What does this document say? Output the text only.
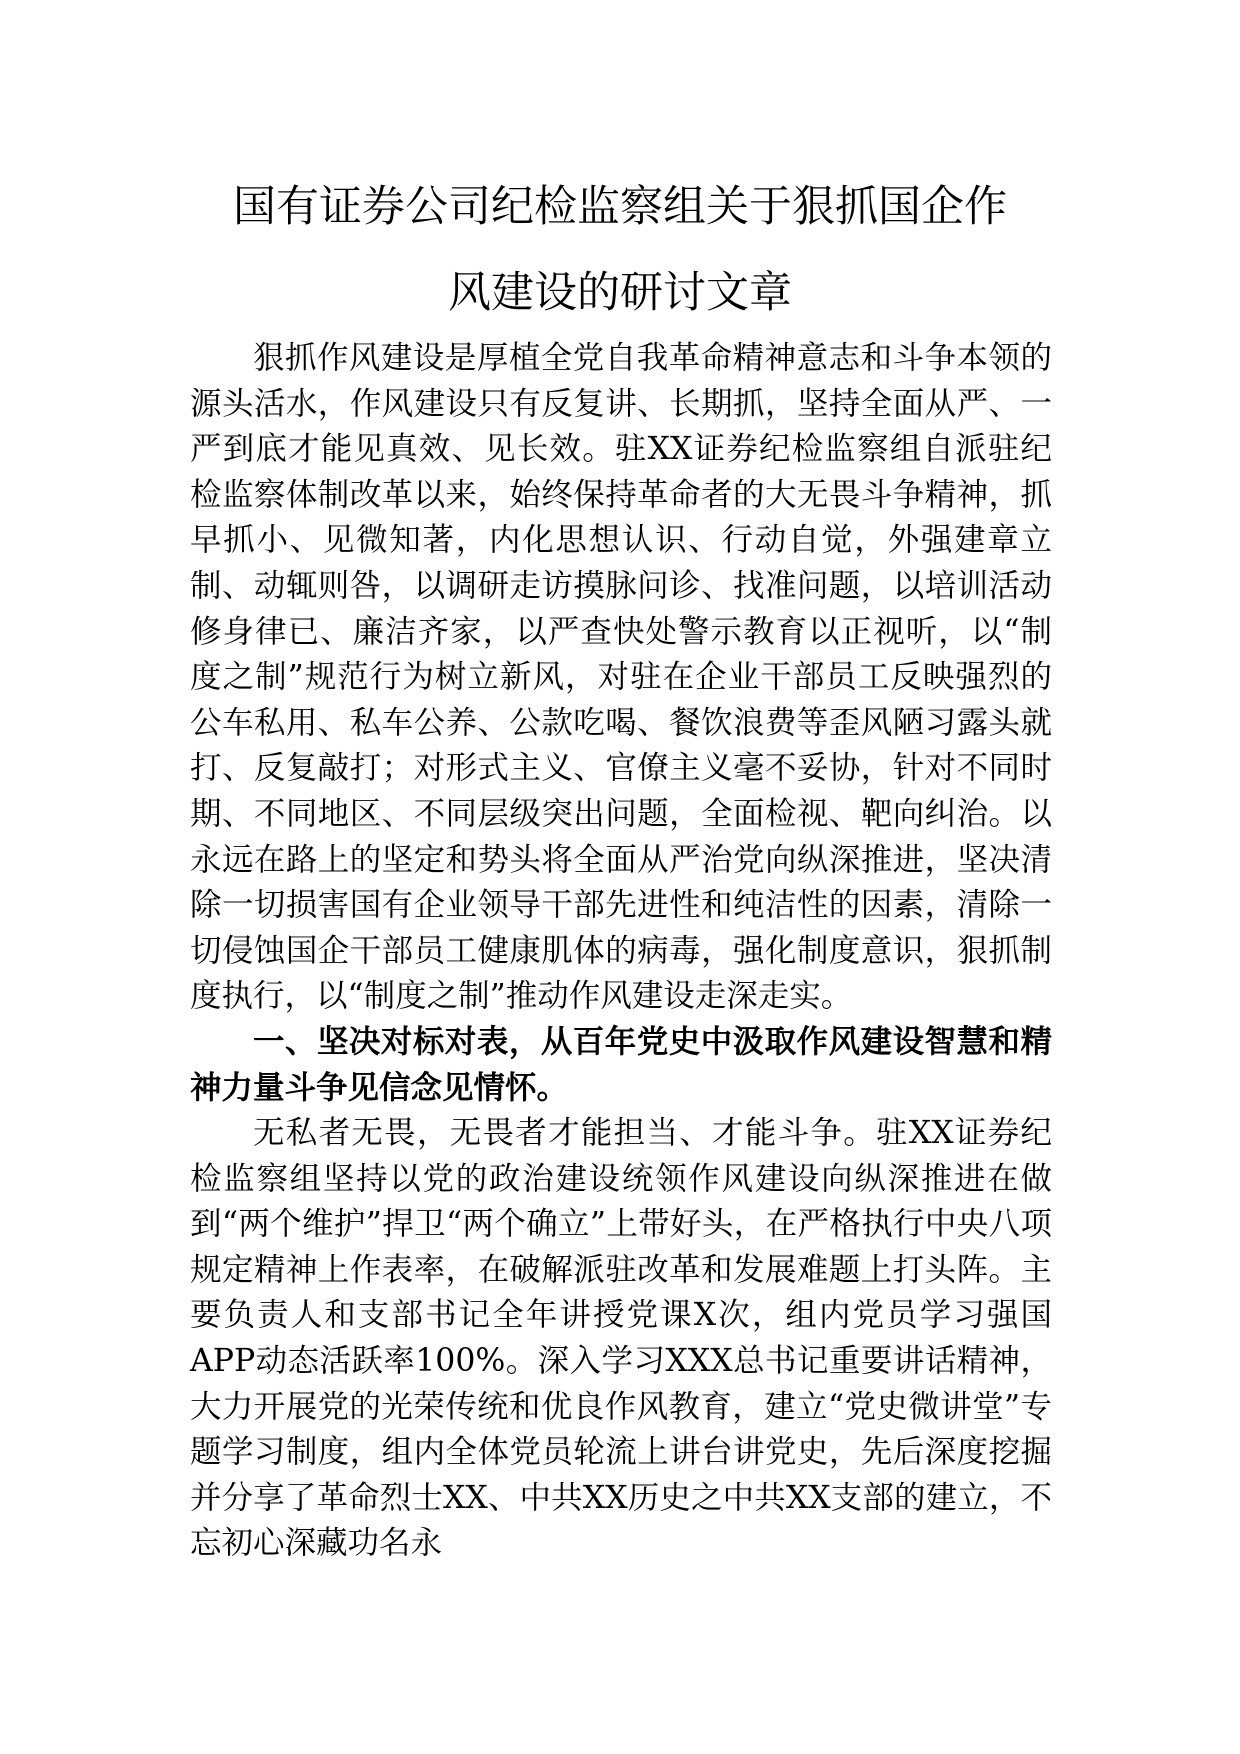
国有证券公司纪检监察组关于狠抓国企作
风建设的研讨文章

狠抓作风建设是厚植全党自我革命精神意志和斗争本领的源头活水，作风建设只有反复讲、长期抓，坚持全面从严、一严到底才能见真效、见长效。驻XX证券纪检监察组自派驻纪检监察体制改革以来，始终保持革命者的大无畏斗争精神，抓早抓小、见微知著，内化思想认识、行动自觉，外强建章立制、动辄则咎，以调研走访摸脉问诊、找准问题，以培训活动修身律已、廉洁齐家，以严查快处警示教育以正视听，以“制度之制”规范行为树立新风，对驻在企业干部员工反映强烈的公车私用、私车公养、公款吃喝、餐饮浪费等歪风陋习露头就打、反复敲打；对形式主义、官僚主义毫不妥协，针对不同时期、不同地区、不同层级突出问题，全面检视、靶向纠治。以永远在路上的坚定和势头将全面从严治党向纵深推进，坚决清除一切损害国有企业领导干部先进性和纯洁性的因素，清除一切侵蚀国企干部员工健康肌体的病毒，强化制度意识，狠抓制度执行，以“制度之制”推动作风建设走深走实。

一、坚决对标对表，从百年党史中汲取作风建设智慧和精神力量斗争见信念见情怀。

无私者无畏，无畏者才能担当、才能斗争。驻XX证券纪检监察组坚持以党的政治建设统领作风建设向纵深推进在做到“两个维护”捍卫“两个确立”上带好头，在严格执行中央八项规定精神上作表率，在破解派驻改革和发展难题上打头阵。主要负责人和支部书记全年讲授党课X次，组内党员学习强国APP动态活跃率100%。深入学习XXX总书记重要讲话精神，大力开展党的光荣传统和优良作风教育，建立“党史微讲堂”专题学习制度，组内全体党员轮流上讲台讲党史，先后深度挖掘并分享了革命烈士XX、中共XX历史之中共XX支部的建立，不忘初心深藏功名永
